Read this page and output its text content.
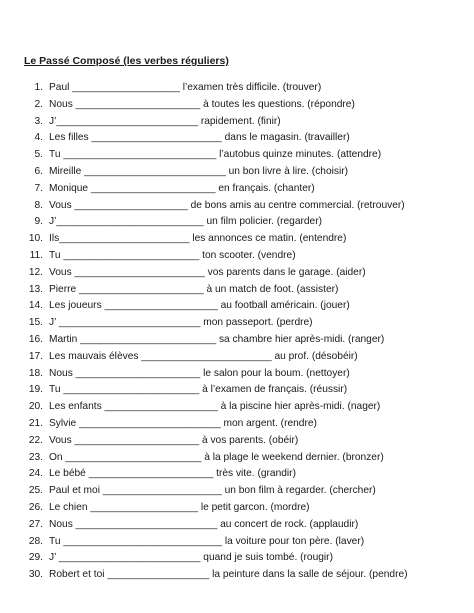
Le Passé Composé (les verbes réguliers)
1. Paul ___________________ l’examen très difficile. (trouver)
2. Nous ______________________ à toutes les questions. (répondre)
3. J’_________________________ rapidement. (finir)
4. Les filles _______________________ dans le magasin. (travailler)
5. Tu ___________________________ l’autobus quinze minutes. (attendre)
6. Mireille _________________________ un bon livre à lire. (choisir)
7. Monique ______________________ en français. (chanter)
8. Vous ____________________ de bons amis au centre commercial. (retrouver)
9. J’__________________________ un film policier. (regarder)
10. Ils_______________________ les annonces ce matin. (entendre)
11. Tu ________________________ ton scooter. (vendre)
12. Vous _______________________ vos parents dans le garage. (aider)
13. Pierre ______________________ à un match de foot. (assister)
14. Les joueurs ____________________ au football américain. (jouer)
15. J’ _________________________ mon passeport. (perdre)
16. Martin ________________________ sa chambre hier après-midi. (ranger)
17. Les mauvais élèves _______________________ au prof. (désobéir)
18. Nous ______________________ le salon pour la boum. (nettoyer)
19. Tu ________________________ à l’examen de français. (réussir)
20. Les enfants ____________________ à la piscine hier après-midi. (nager)
21. Sylvie _________________________ mon argent. (rendre)
22. Vous ______________________ à vos parents. (obéir)
23. On ________________________ à la plage le weekend dernier. (bronzer)
24. Le bébé ______________________ très vite. (grandir)
25. Paul et moi _____________________ un bon film à regarder. (chercher)
26. Le chien ___________________ le petit garcon. (mordre)
27. Nous _________________________ au concert de rock. (applaudir)
28. Tu ____________________________ la voiture pour ton père. (laver)
29. J’ _________________________ quand je suis tombé. (rougir)
30. Robert et toi __________________ la peinture dans la salle de séjour. (pendre)
